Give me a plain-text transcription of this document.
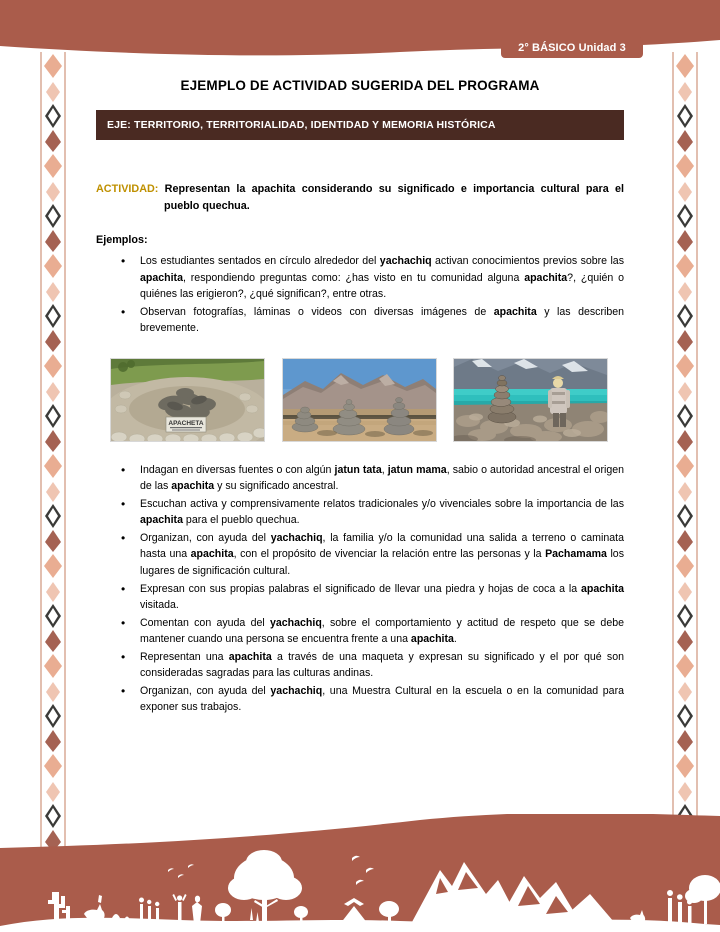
2° BÁSICO Unidad 3
EJEMPLO DE ACTIVIDAD SUGERIDA DEL PROGRAMA
EJE: TERRITORIO, TERRITORIALIDAD, IDENTIDAD Y MEMORIA HISTÓRICA
ACTIVIDAD: Representan la apachita considerando su significado e importancia cultural para el pueblo quechua.
Ejemplos:
• Los estudiantes sentados en círculo alrededor del yachachiq activan conocimientos previos sobre las apachita, respondiendo preguntas como: ¿has visto en tu comunidad alguna apachita?, ¿quién o quiénes las erigieron?, ¿qué significan?, entre otras.
• Observan fotografías, láminas o videos con diversas imágenes de apachita y las describen brevemente.
APACHETA
• Indagan en diversas fuentes o con algún jatun tata, jatun mama, sabio o autoridad ancestral el origen de las apachita y su significado ancestral.
• Escuchan activa y comprensivamente relatos tradicionales y/o vivenciales sobre la importancia de las apachita para el pueblo quechua.
• Organizan, con ayuda del yachachiq, la familia y/o la comunidad una salida a terreno o caminata hasta una apachita, con el propósito de vivenciar la relación entre las personas y la Pachamama los lugares de significación cultural.
• Expresan con sus propias palabras el significado de llevar una piedra y hojas de coca a la apachita visitada.
• Comentan con ayuda del yachachiq, sobre el comportamiento y actitud de respeto que se debe mantener cuando una persona se encuentra frente a una apachita.
• Representan una apachita a través de una maqueta y expresan su significado y el por qué son consideradas sagradas para las culturas andinas.
• Organizan, con ayuda del yachachiq, una Muestra Cultural en la escuela o en la comunidad para exponer sus trabajos.
